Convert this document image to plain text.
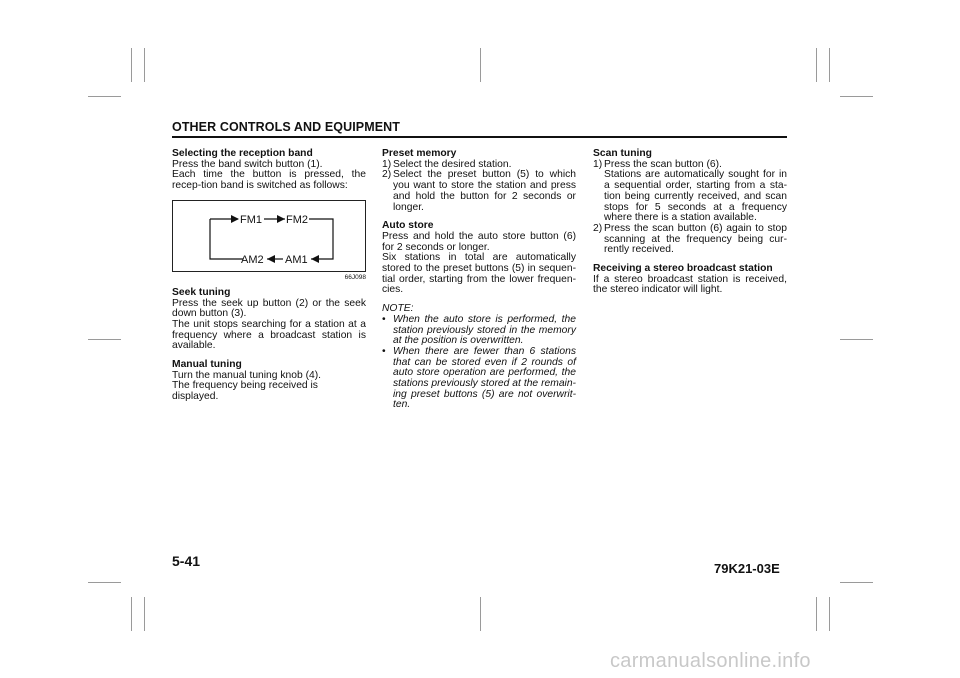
OTHER CONTROLS AND EQUIPMENT

Selecting the reception band

Press the band switch button (1).

Each time the button is pressed, the recep-tion band is switched as follows:

FM1 FM2
AM2 AM1
66J098

Seek tuning

Press the seek up button (2) or the seek down button (3).

The unit stops searching for a station at a frequency where a broadcast station is available.

Manual tuning

Turn the manual tuning knob (4).

The frequency being received is displayed.

Preset memory

1) Select the desired station.
2) Select the preset button (5) to which you want to store the station and press and hold the button for 2 seconds or longer.

Auto store

Press and hold the auto store button (6) for 2 seconds or longer.

Six stations in total are automatically stored to the preset buttons (5) in sequen-tial order, starting from the lower frequen-cies.

NOTE:

• When the auto store is performed, the station previously stored in the memory at the position is overwritten.
• When there are fewer than 6 stations that can be stored even if 2 rounds of auto store operation are performed, the stations previously stored at the remain-ing preset buttons (5) are not overwrit-ten.

Scan tuning

1) Press the scan button (6).
Stations are automatically sought for in a sequential order, starting from a sta-tion being currently received, and scan stops for 5 seconds at a frequency where there is a station available.
2) Press the scan button (6) again to stop scanning at the frequency being cur-rently received.

Receiving a stereo broadcast station

If a stereo broadcast station is received, the stereo indicator will light.

5-41	79K21-03E
carmanualsonline.info
